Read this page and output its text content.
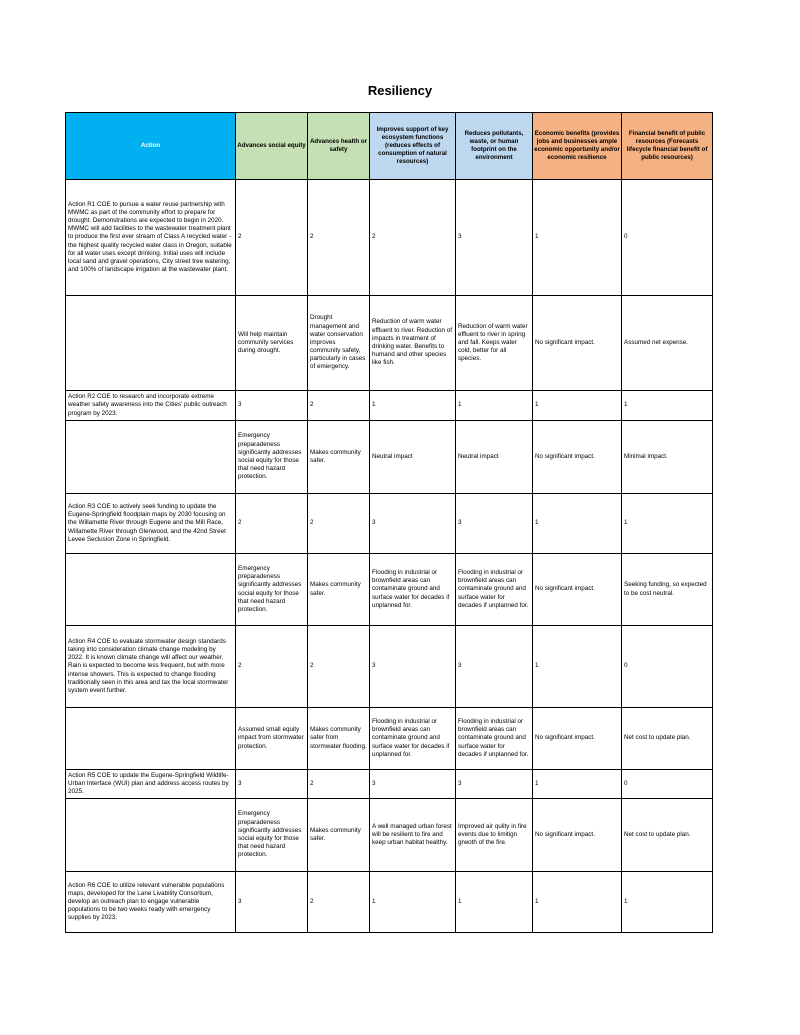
Resiliency
Action	Advances social equity	Advances health or safety	Improves support of key ecosystem functions (reduces effects of consumption of natural resources)	Reduces pollutants, waste, or human footprint on the environment	Economic benefits (provides jobs and businesses ample economic opportunity and/or economic resilience	Financial benefit of public resources (Forecasts lifecycle financial benefit of public resources)
Action R1 COE to pursue a water reuse partnership with MWMC as part of the community effort to prepare for drought. Demonstrations are expected to begin in 2020. MWMC will add facilities to the wastewater treatment plant to produce the first ever stream of Class A recycled water - the highest quality recycled water class in Oregon, suitable for all water uses except drinking. Initial uses will include local sand and gravel operations, City street tree watering, and 100% of landscape irrigation at the wastewater plant.	2	2	2	3	1	0
	Will help maintain community services during drought.	Drought management and water conservation improves community safety, particularly in cases of emergency.	Reduction of warm water effluent to river. Reduction of impacts in treatment of drinking water. Benefits to humand and other species like fish.	Reduction of warm water effluent to river in spring and fall. Keeps water cold, better for all species.	No significant impact.	Assumed net expense.
Action R2 COE to research and incorporate extreme weather safety awareness into the Cities' public outreach program by 2023.	3	2	1	1	1	1
	Emergency preparadeness significantly addresses social equity for those that need hazard protection.	Makes community safer.	Neutral impact	Neutral impact	No significant impact.	Minimal impact.
Action R3 COE to actively seek funding to update the Eugene-Springfield floodplain maps by 2030 focusing on the Willamette River through Eugene and the Mill Race, Willamette River through Glenwood, and the 42nd Street Levee Seclusion Zone in Springfield.	2	2	3	3	1	1
	Emergency preparadeness significantly addresses social equity for those that need hazard protection.	Makes community safer.	Flooding in industrial or brownfield areas can contaminate ground and surface water for decades if unplanned for.	Flooding in industrial or brownfield areas can contaminate ground and surface water for decades if unplanned for.	No significant impact.	Seeking funding, so expected to be cost neutral.
Action R4 COE to evaluate stormwater design standards taking into consideration climate change modeling by 2022. It is known climate change will affect our weather. Rain is expected to become less frequent, but with more intense showers. This is expected to change flooding traditionally seen in this area and tax the local stormwater system event further.	2	2	3	3	1	0
	Assumed small equity impact from stormwater protection.	Makes community safer from stormwater flooding.	Flooding in industrial or brownfield areas can contaminate ground and surface water for decades if unplanned for.	Flooding in industrial or brownfield areas can contaminate ground and surface water for decades if unplanned for.	No significant impact.	Net cost to update plan.
Action R5 COE to update the Eugene-Springfield Wildlife-Urban Interface (WUI) plan and address access routes by 2025.	3	2	3	3	1	0
	Emergency preparadeness significantly addresses social equity for those that need hazard protection.	Makes community safer.	A well managed urban forest will be resilient to fire and keep urban habitat healthy.	Improved air qulity in fire events due to limitign grwoth of the fire.	No significant impact.	Net cost to update plan.
Action R6 COE to utilize relevant vulnerable populations maps, developed for the Lane Livability Consortium, develop an outreach plan to engage vulnerable populations to be two weeks ready with emergency supplies by 2023.	3	2	1	1	1	1
